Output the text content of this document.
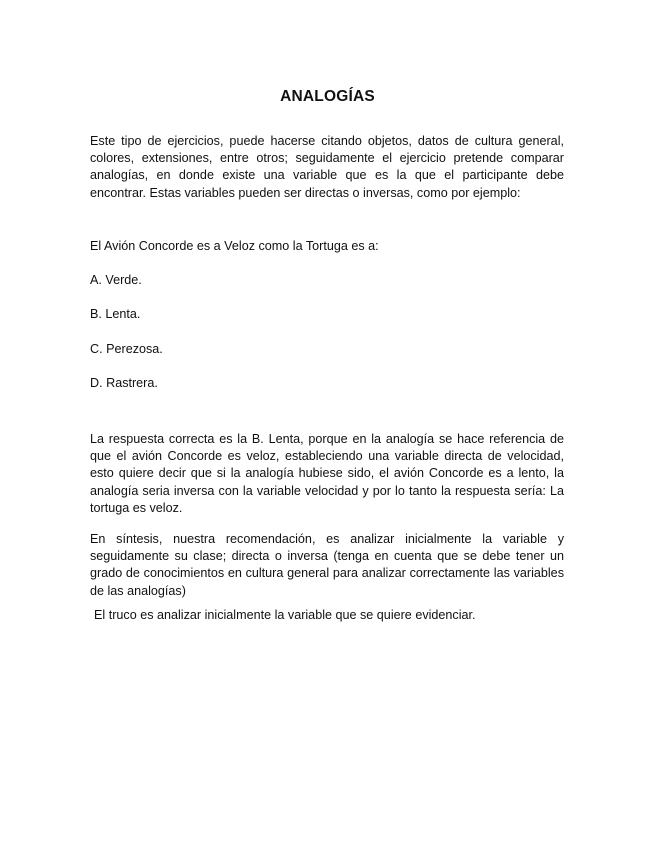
ANALOGÍAS
Este tipo de ejercicios, puede hacerse citando objetos, datos de cultura general, colores, extensiones, entre otros; seguidamente el ejercicio pretende comparar analogías, en donde existe una variable que es la que el participante debe encontrar. Estas variables pueden ser directas o inversas, como por ejemplo:
El Avión Concorde es a Veloz como la Tortuga es a:
A. Verde.
B. Lenta.
C. Perezosa.
D. Rastrera.
La respuesta correcta es la B. Lenta, porque en la analogía se hace referencia de que el avión Concorde es veloz, estableciendo una variable directa de velocidad, esto quiere decir que si la analogía hubiese sido, el avión Concorde es a lento, la analogía seria inversa con la variable velocidad y por lo tanto la respuesta sería: La tortuga es veloz.
En síntesis, nuestra recomendación, es analizar inicialmente la variable y seguidamente su clase; directa o inversa (tenga en cuenta que se debe tener un grado de conocimientos en cultura general para analizar correctamente las variables de las analogías)
El truco es analizar inicialmente la variable que se quiere evidenciar.
